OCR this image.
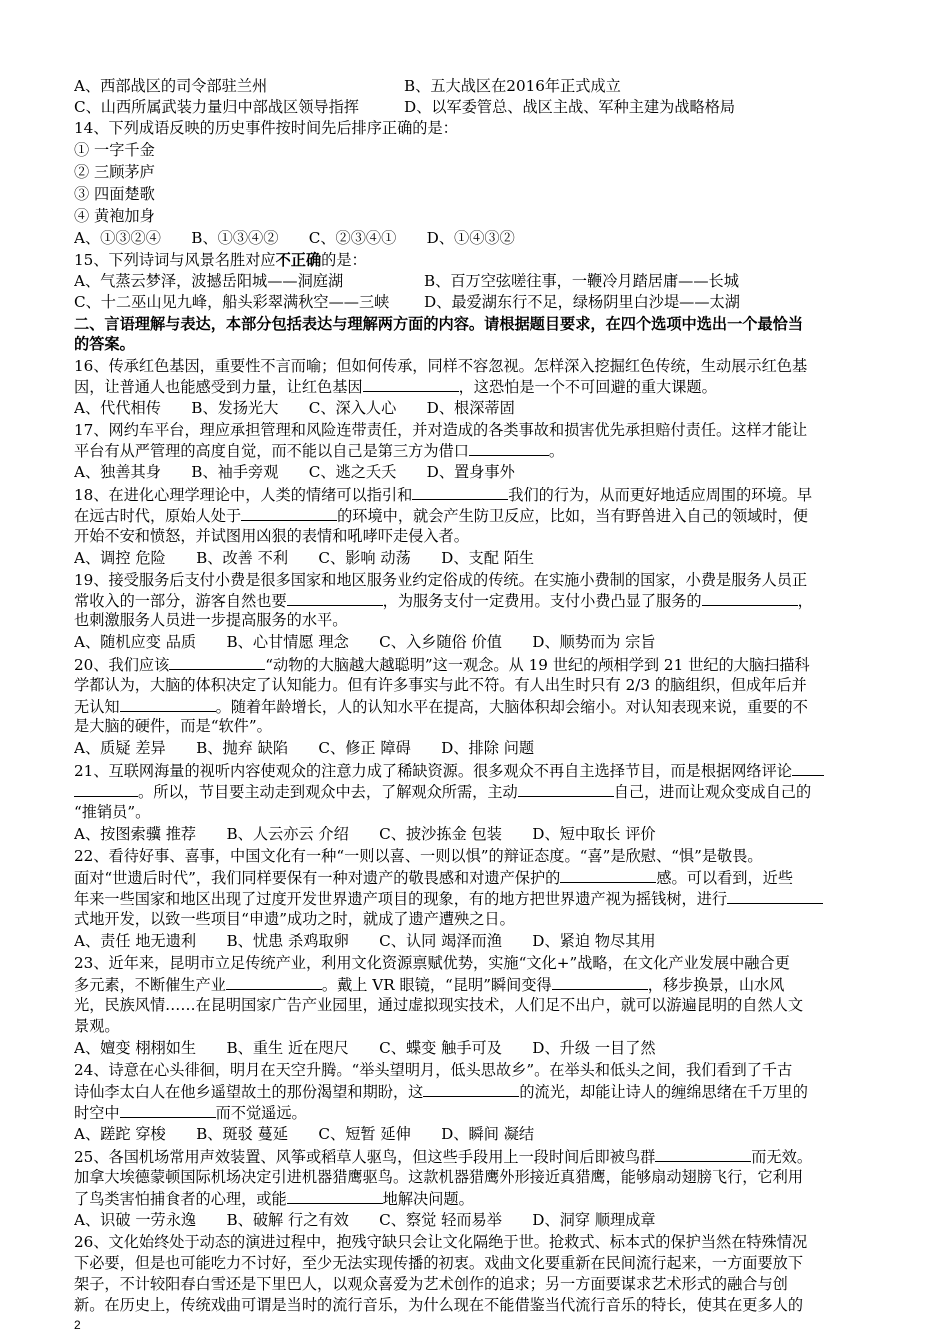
A、西部战区的司令部驻兰州	B、五大战区在2016年正式成立
C、山西所属武装力量归中部战区领导指挥	D、以军委管总、战区主战、军种主建为战略格局
14、下列成语反映的历史事件按时间先后排序正确的是：
① 一字千金
② 三顾茅庐
③ 四面楚歌
④ 黄袍加身
A、①③②④　　B、①③④②　　C、②③④①　　D、①④③②
15、下列诗词与风景名胜对应不正确的是：
A、气蒸云梦泽，波撼岳阳城——洞庭湖	B、百万空弦嗟往事，一鞭冷月踏居庸——长城
C、十二巫山见九峰，船头彩翠满秋空——三峡 D、最爱湖东行不足，绿杨阴里白沙堤——太湖
二、言语理解与表达，本部分包括表达与理解两方面的内容。请根据题目要求，在四个选项中选出一个最恰当
的答案。
16、传承红色基因，重要性不言而喻；但如何传承，同样不容忽视。怎样深入挖掘红色传统，生动展示红色基
因，让普通人也能感受到力量，让红色基因	，这恐怕是一个不可回避的重大课题。
A、代代相传　　B、发扬光大　　C、深入人心　　D、根深蒂固
17、网约车平台，理应承担管理和风险连带责任，并对造成的各类事故和损害优先承担赔付责任。这样才能让
平台有从严管理的高度自觉，而不能以自己是第三方为借口	。
A、独善其身　　B、袖手旁观　　C、逃之夭夭　　D、置身事外
18、在进化心理学理论中，人类的情绪可以指引和	我们的行为，从而更好地适应周围的环境。早
在远古时代，原始人处于	的环境中，就会产生防卫反应，比如，当有野兽进入自己的领域时，便
开始不安和愤怒，并试图用凶狠的表情和吼哮吓走侵入者。
A、调控 危险　　B、改善 不利　　C、影响 动荡　　D、支配 陌生
19、接受服务后支付小费是很多国家和地区服务业约定俗成的传统。在实施小费制的国家，小费是服务人员正
常收入的一部分，游客自然也要	，为服务支付一定费用。支付小费凸显了服务的	，
也刺激服务人员进一步提高服务的水平。
A、随机应变 品质　　B、心甘情愿 理念　　C、入乡随俗 价值　　D、顺势而为 宗旨
20、我们应该	“动物的大脑越大越聪明”这一观念。从 19 世纪的颅相学到 21 世纪的大脑扫描科
学都认为，大脑的体积决定了认知能力。但有许多事实与此不符。有人出生时只有 2/3 的脑组织，但成年后并
无认知	。随着年龄增长，人的认知水平在提高，大脑体积却会缩小。对认知表现来说，重要的不
是大脑的硬件，而是“软件”。
A、质疑 差异　　B、抛弃 缺陷　　C、修正 障碍　　D、排除 问题
21、互联网海量的视听内容使观众的注意力成了稀缺资源。很多观众不再自主选择节目，而是根据网络评论
。所以，节目要主动走到观众中去，了解观众所需，主动	自己，进而让观众变成自己的
“推销员”。
A、按图索骥 推荐　　B、人云亦云 介绍　　C、披沙拣金 包装　　D、短中取长 评价
22、看待好事、喜事，中国文化有一种“一则以喜、一则以惧”的辩证态度。“喜”是欣慰、“惧”是敬畏。
面对“世遗后时代”，我们同样要保有一种对遗产的敬畏感和对遗产保护的	感。可以看到，近些
年来一些国家和地区出现了过度开发世界遗产项目的现象，有的地方把世界遗产视为摇钱树，进行
式地开发，以致一些项目“申遗”成功之时，就成了遗产遭殃之日。
A、责任 地无遗利　　B、忧患 杀鸡取卵　　C、认同 竭泽而渔　　D、紧迫 物尽其用
23、近年来，昆明市立足传统产业，利用文化资源禀赋优势，实施“文化+”战略，在文化产业发展中融合更
多元素，不断催生产业	。戴上 VR 眼镜，“昆明”瞬间变得	，移步换景，山水风
光，民族风情……在昆明国家广告产业园里，通过虚拟现实技术，人们足不出户，就可以游遍昆明的自然人文
景观。
A、嬗变 栩栩如生　　B、重生 近在咫尺　　C、蝶变 触手可及　　D、升级 一目了然
24、诗意在心头徘徊，明月在天空升腾。“举头望明月，低头思故乡”。在举头和低头之间，我们看到了千古
诗仙李太白人在他乡遥望故土的那份渴望和期盼，这	的流光，却能让诗人的缠绵思绪在千万里的
时空中	而不觉遥远。
A、蹉跎 穿梭　　B、斑驳 蔓延　　C、短暂 延伸　　D、瞬间 凝结
25、各国机场常用声效装置、风筝或稻草人驱鸟，但这些手段用上一段时间后即被鸟群	而无效。
加拿大埃德蒙顿国际机场决定引进机器猎鹰驱鸟。这款机器猎鹰外形接近真猎鹰，能够扇动翅膀飞行，它利用
了鸟类害怕捕食者的心理，或能	地解决问题。
A、识破 一劳永逸　　B、破解 行之有效　　C、察觉 轻而易举　　D、洞穿 顺理成章
26、文化始终处于动态的演进过程中，抱残守缺只会让文化隔绝于世。抢救式、标本式的保护当然在特殊情况
下必要，但是也可能吃力不讨好，至少无法实现传播的初衷。戏曲文化要重新在民间流行起来，一方面要放下
架子，不计较阳春白雪还是下里巴人，以观众喜爱为艺术创作的追求；另一方面要谋求艺术形式的融合与创
新。在历史上，传统戏曲可谓是当时的流行音乐，为什么现在不能借鉴当代流行音乐的特长，使其在更多人的
2
